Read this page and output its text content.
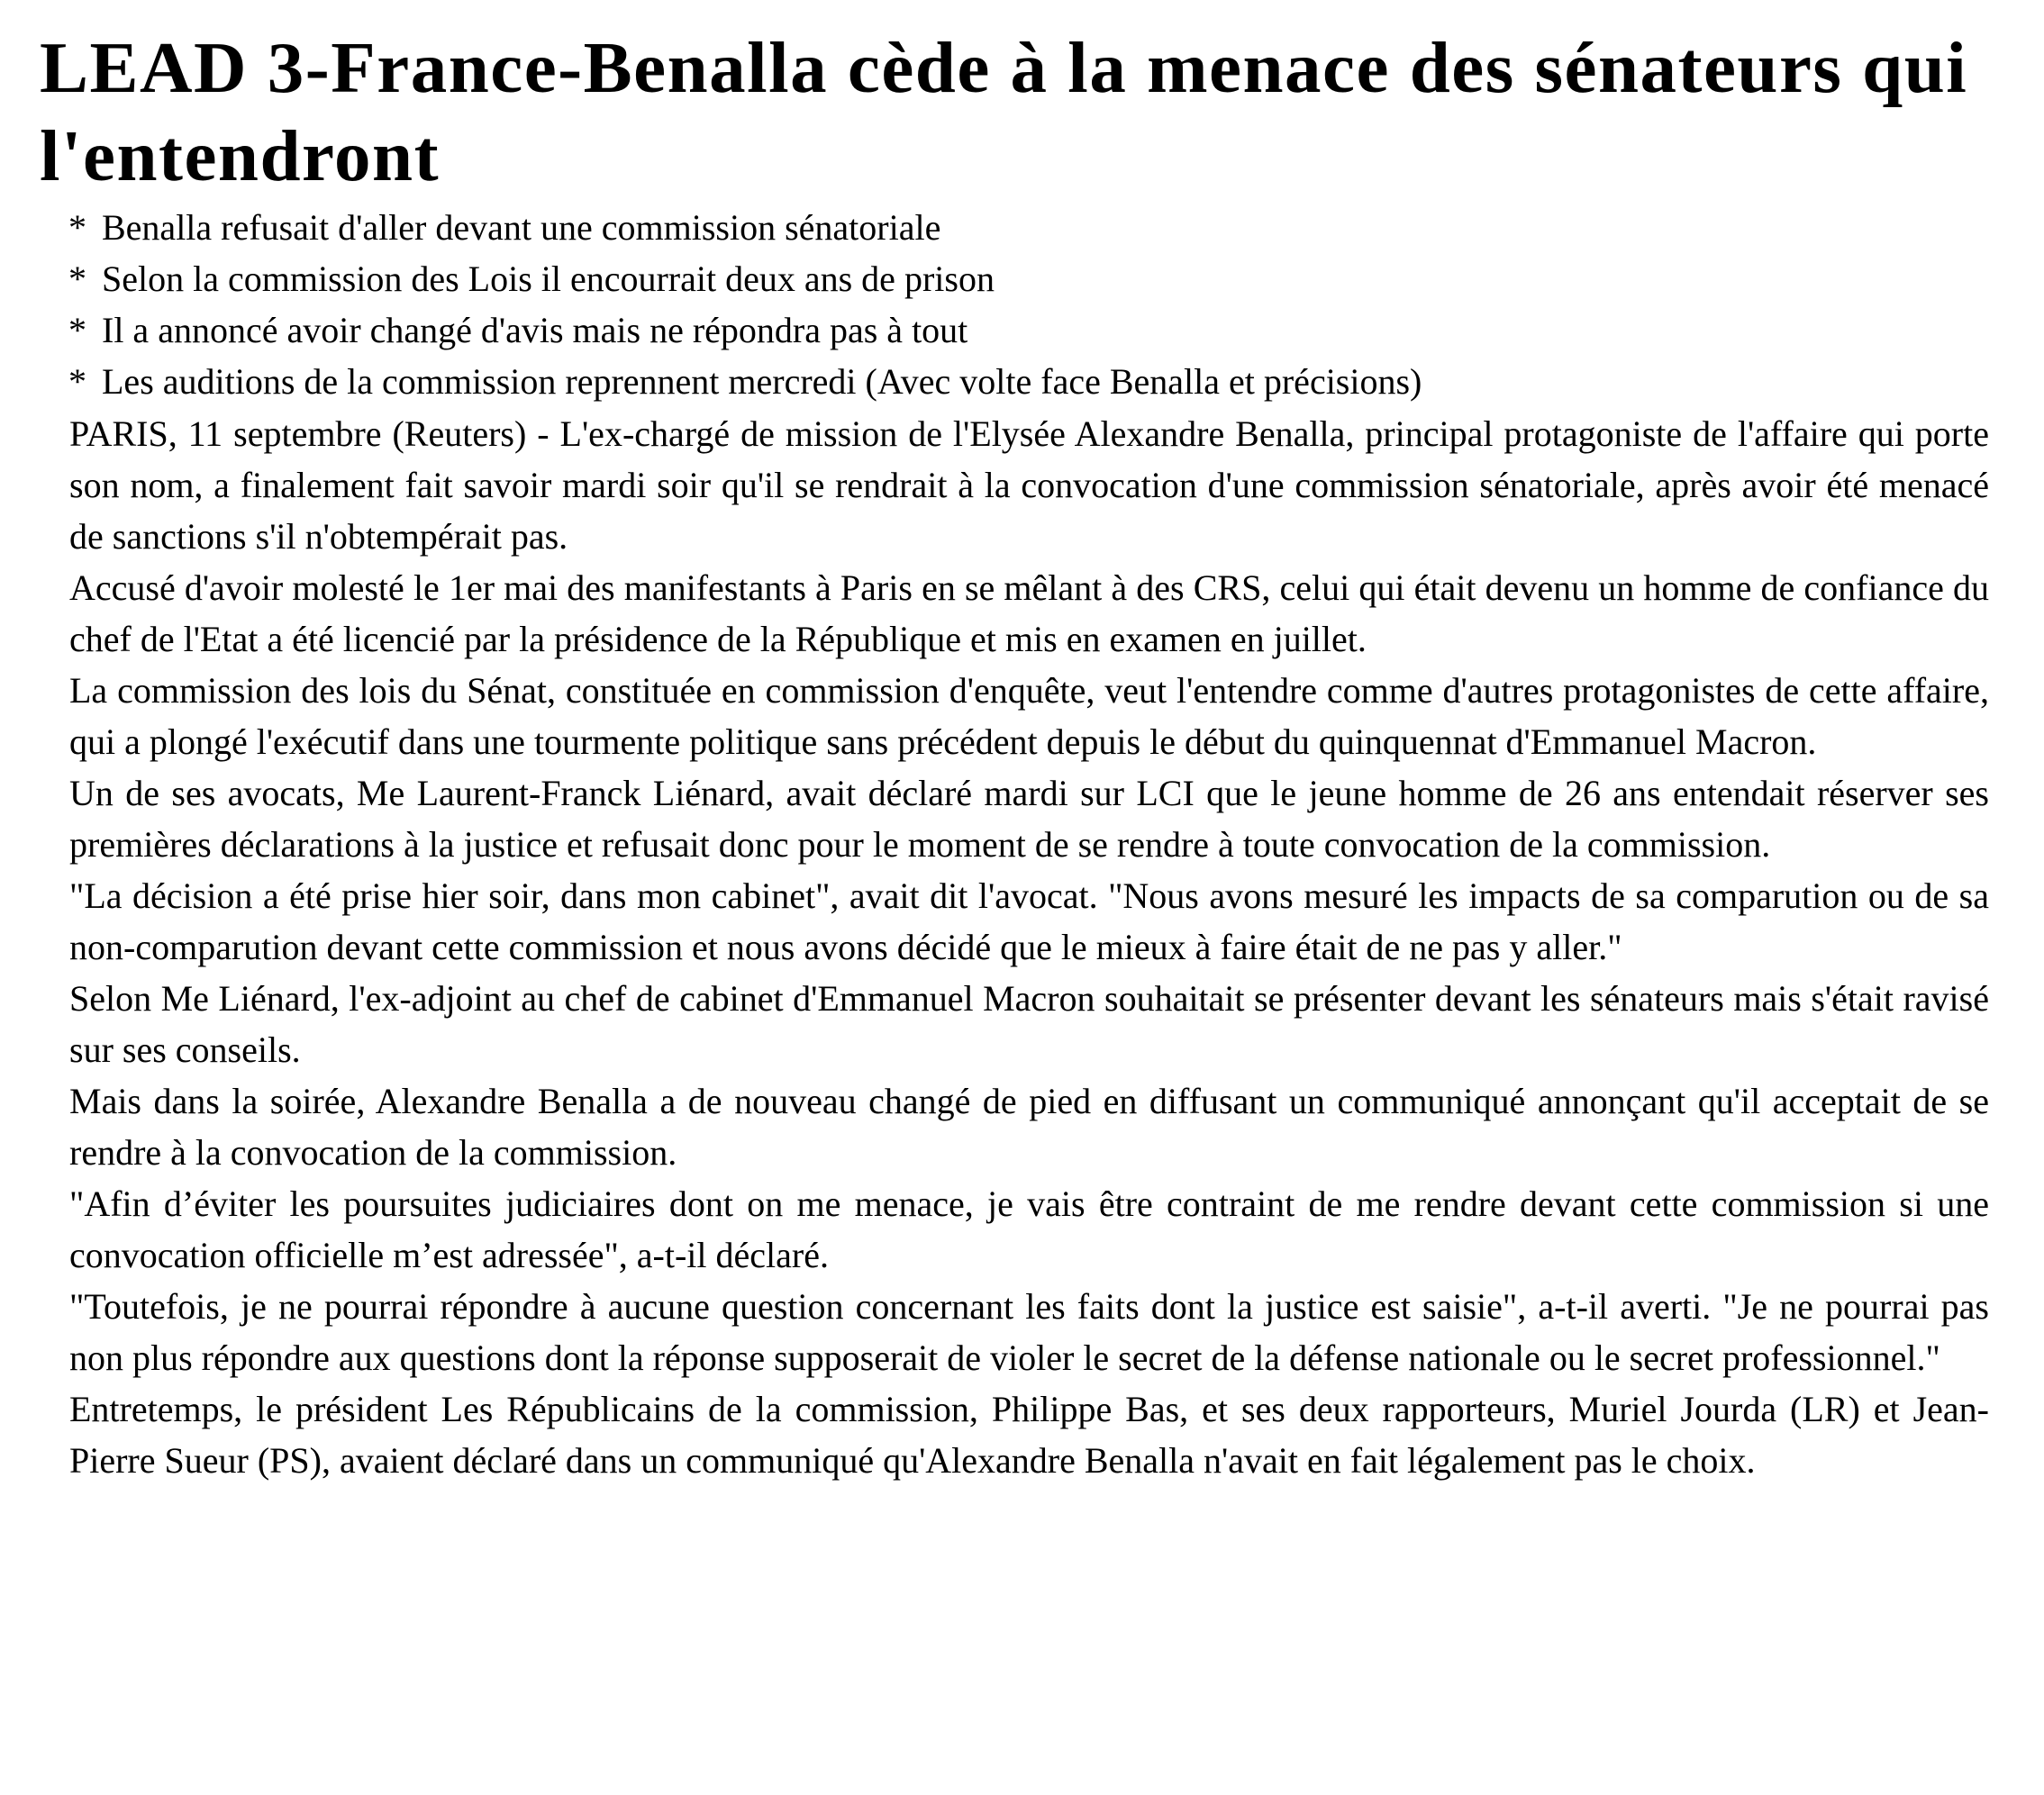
LEAD 3-France-Benalla cède à la menace des sénateurs qui l'entendront
* Benalla refusait d'aller devant une commission sénatoriale
* Selon la commission des Lois il encourrait deux ans de prison
* Il a annoncé avoir changé d'avis mais ne répondra pas à tout
* Les auditions de la commission reprennent mercredi (Avec volte face Benalla et précisions)

PARIS, 11 septembre (Reuters) - L'ex-chargé de mission de l'Elysée Alexandre Benalla, principal protagoniste de l'affaire qui porte son nom, a finalement fait savoir mardi soir qu'il se rendrait à la convocation d'une commission sénatoriale, après avoir été menacé de sanctions s'il n'obtempérait pas.

Accusé d'avoir molesté le 1er mai des manifestants à Paris en se mêlant à des CRS, celui qui était devenu un homme de confiance du chef de l'Etat a été licencié par la présidence de la République et mis en examen en juillet.

La commission des lois du Sénat, constituée en commission d'enquête, veut l'entendre comme d'autres protagonistes de cette affaire, qui a plongé l'exécutif dans une tourmente politique sans précédent depuis le début du quinquennat d'Emmanuel Macron.

Un de ses avocats, Me Laurent-Franck Liénard, avait déclaré mardi sur LCI que le jeune homme de 26 ans entendait réserver ses premières déclarations à la justice et refusait donc pour le moment de se rendre à toute convocation de la commission.

"La décision a été prise hier soir, dans mon cabinet", avait dit l'avocat. "Nous avons mesuré les impacts de sa comparution ou de sa non-comparution devant cette commission et nous avons décidé que le mieux à faire était de ne pas y aller."

Selon Me Liénard, l'ex-adjoint au chef de cabinet d'Emmanuel Macron souhaitait se présenter devant les sénateurs mais s'était ravisé sur ses conseils.

Mais dans la soirée, Alexandre Benalla a de nouveau changé de pied en diffusant un communiqué annonçant qu'il acceptait de se rendre à la convocation de la commission.

"Afin d’éviter les poursuites judiciaires dont on me menace, je vais être contraint de me rendre devant cette commission si une convocation officielle m’est adressée", a-t-il déclaré.

"Toutefois, je ne pourrai répondre à aucune question concernant les faits dont la justice est saisie", a-t-il averti. "Je ne pourrai pas non plus répondre aux questions dont la réponse supposerait de violer le secret de la défense nationale ou le secret professionnel."

Entretemps, le président Les Républicains de la commission, Philippe Bas, et ses deux rapporteurs, Muriel Jourda (LR) et Jean-Pierre Sueur (PS), avaient déclaré dans un communiqué qu'Alexandre Benalla n'avait en fait légalement pas le choix.
